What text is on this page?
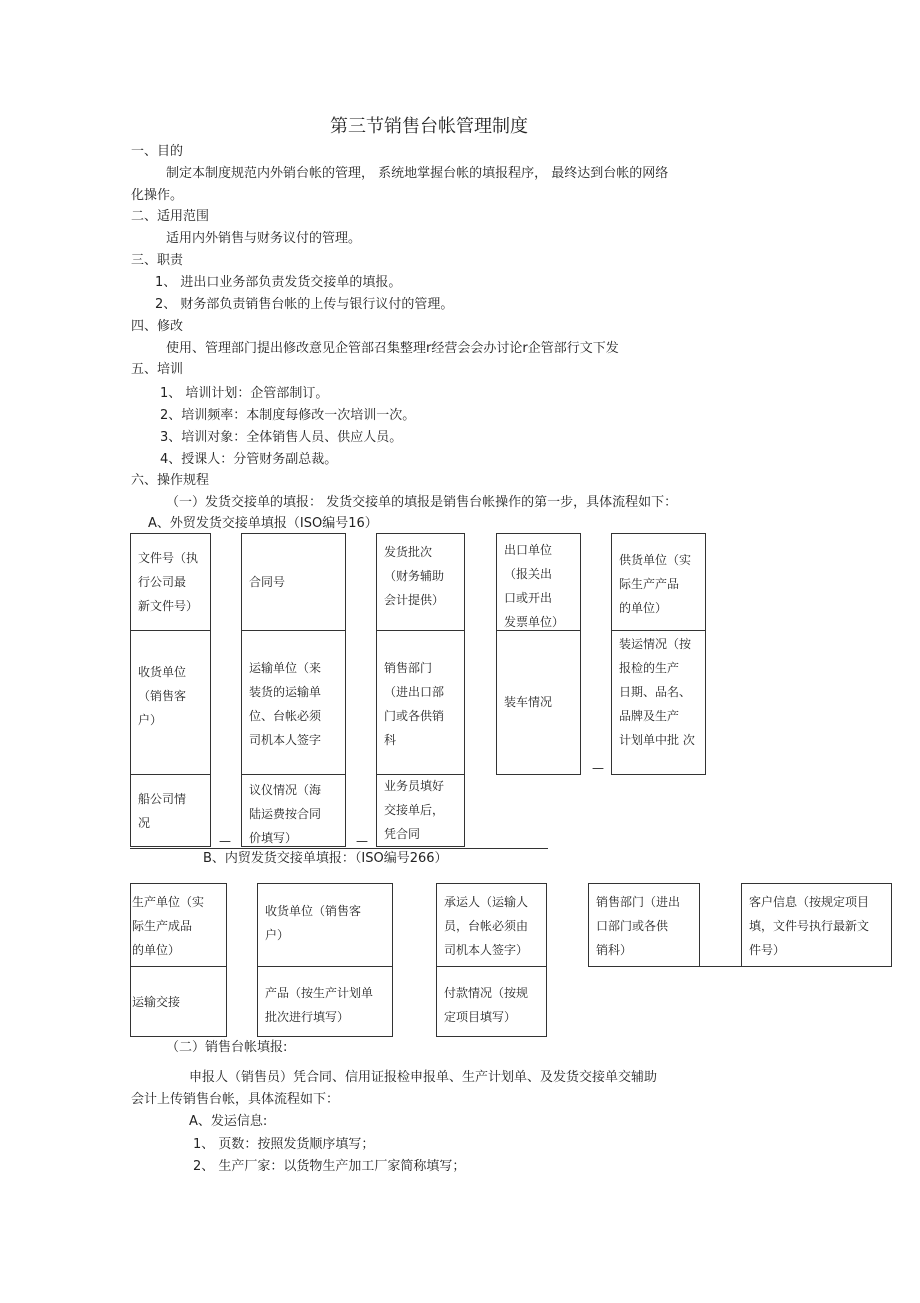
第三节销售台帐管理制度
一、目的
制定本制度规范内外销台帐的管理， 系统地掌握台帐的填报程序， 最终达到台帐的网络
化操作。
二、适用范围
适用内外销售与财务议付的管理。
三、职责
1、 进出口业务部负责发货交接单的填报。
2、 财务部负责销售台帐的上传与银行议付的管理。
四、修改
使用、管理部门提出修改意见企管部召集整理r经营会会办讨论r企管部行文下发
五、培训
1、 培训计划：企管部制订。
2、培训频率：本制度每修改一次培训一次。
3、培训对象：全体销售人员、供应人员。
4、授课人：分管财务副总裁。
六、操作规程
（一）发货交接单的填报： 发货交接单的填报是销售台帐操作的第一步，具体流程如下：
A、外贸发货交接单填报（ISO编号16）
文件号（执
行公司最
新文件号）
收货单位
（销售客
户）
船公司情
况
合同号
运输单位（来
装货的运输单
位、台帐必须
司机本人签字
议仪情况（海
陆运费按合同
价填写）
发货批次
（财务辅助
会计提供）
销售部门
（进出口部
门或各供销
科
业务员填好
交接单后，
凭合同
出口单位
（报关出
口或开出
发票单位）
装车情况
供货单位（实
际生产产品
的单位）
装运情况（按
报检的生产
日期、品名、
品牌及生产
计划单中批 次
—	—
—
B、内贸发货交接单填报：（ISO编号266）
生产单位（实
际生产成品
的单位）
运输交接
收货单位（销售客
户）
产品（按生产计划单
批次进行填写）
承运人（运输人
员，台帐必须由
司机本人签字）
付款情况（按规
定项目填写）
销售部门（进出
口部门或各供
销科）
客户信息（按规定项目
填，文件号执行最新文
件号）
（二）销售台帐填报:
申报人（销售员）凭合同、信用证报检申报单、生产计划单、及发货交接单交辅助
会计上传销售台帐，具体流程如下：
A、发运信息:
1、 页数：按照发货顺序填写；
2、 生产厂家：以货物生产加工厂家简称填写；
